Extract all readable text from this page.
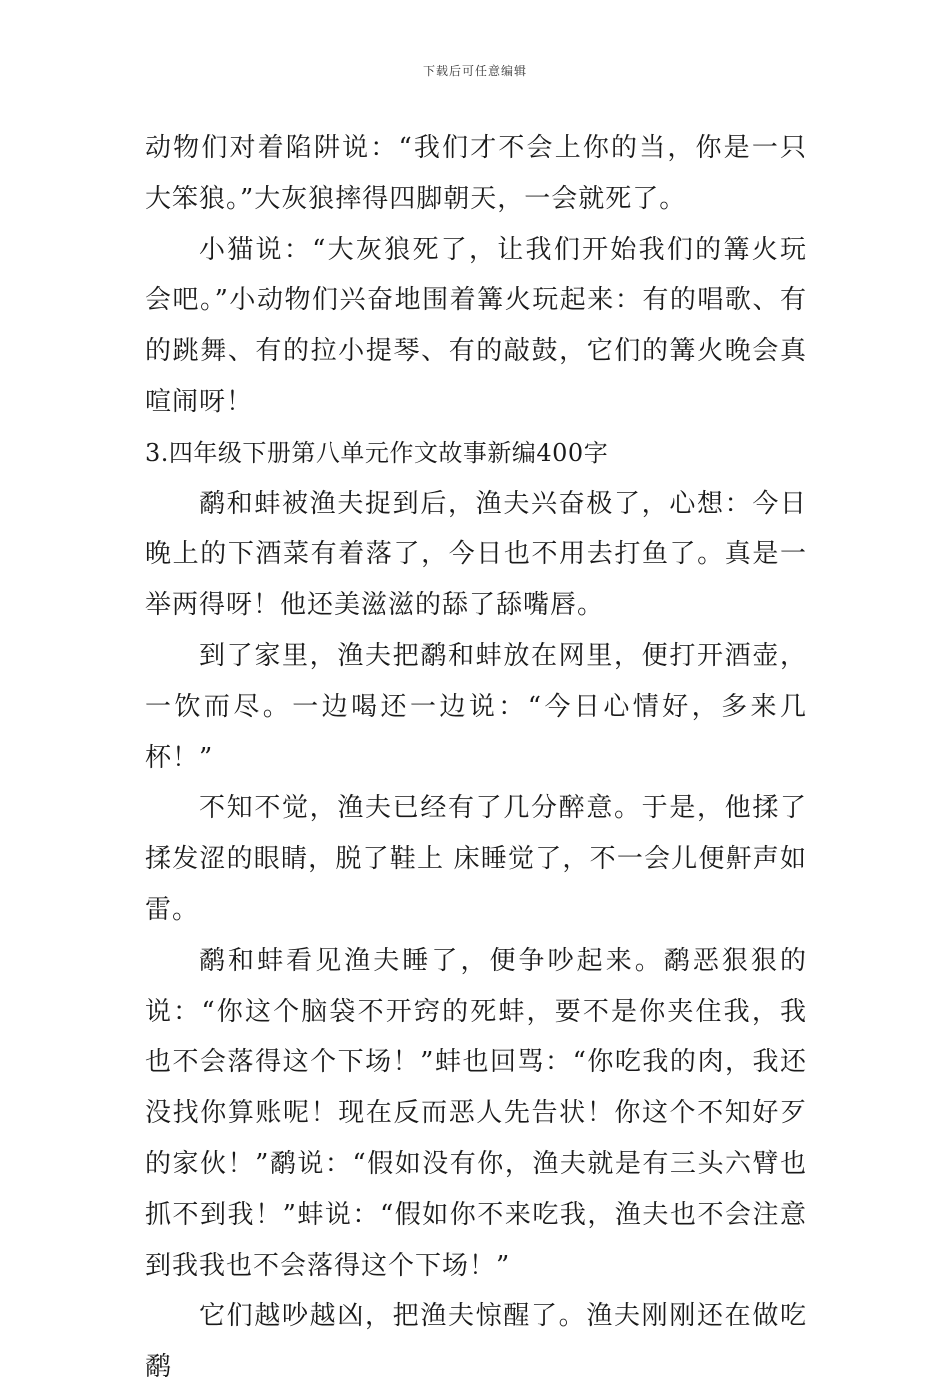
下载后可任意编辑

动物们对着陷阱说：“我们才不会上你的当，你是一只大笨狼。”大灰狼摔得四脚朝天，一会就死了。

小猫说：“大灰狼死了，让我们开始我们的篝火玩会吧。”小动物们兴奋地围着篝火玩起来：有的唱歌、有的跳舞、有的拉小提琴、有的敲鼓，它们的篝火晚会真喧闹呀！

3.四年级下册第八单元作文故事新编400字

鹬和蚌被渔夫捉到后，渔夫兴奋极了，心想：今日晚上的下酒菜有着落了，今日也不用去打鱼了。真是一举两得呀！他还美滋滋的舔了舔嘴唇。

到了家里，渔夫把鹬和蚌放在网里，便打开酒壶，一饮而尽。一边喝还一边说：“今日心情好，多来几杯！”

不知不觉，渔夫已经有了几分醉意。于是，他揉了揉发涩的眼睛，脱了鞋上 床睡觉了，不一会儿便鼾声如雷。

鹬和蚌看见渔夫睡了，便争吵起来。鹬恶狠狠的说：“你这个脑袋不开窍的死蚌，要不是你夹住我，我也不会落得这个下场！”蚌也回骂：“你吃我的肉，我还没找你算账呢！现在反而恶人先告状！你这个不知好歹的家伙！”鹬说：“假如没有你，渔夫就是有三头六臂也抓不到我！”蚌说：“假如你不来吃我，渔夫也不会注意到我我也不会落得这个下场！”

它们越吵越凶，把渔夫惊醒了。渔夫刚刚还在做吃鹬
